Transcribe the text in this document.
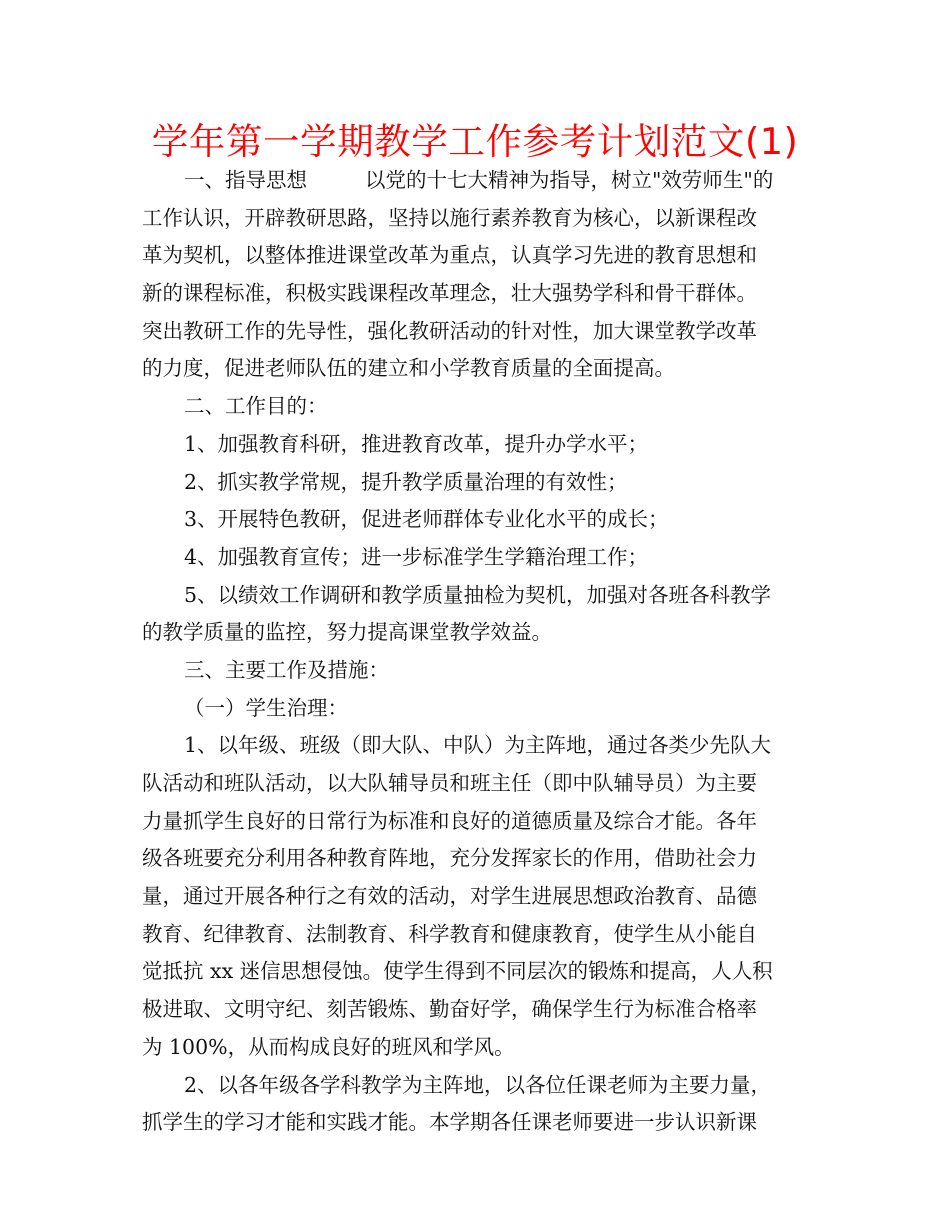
学年第一学期教学工作参考计划范文(1)
一、指导思想	以党的十七大精神为指导，树立"效劳师生"的
工作认识，开辟教研思路，坚持以施行素养教育为核心，以新课程改
革为契机，以整体推进课堂改革为重点，认真学习先进的教育思想和
新的课程标准，积极实践课程改革理念，壮大强势学科和骨干群体。
突出教研工作的先导性，强化教研活动的针对性，加大课堂教学改革
的力度，促进老师队伍的建立和小学教育质量的全面提高。
二、工作目的：
1、加强教育科研，推进教育改革，提升办学水平；
2、抓实教学常规，提升教学质量治理的有效性；
3、开展特色教研，促进老师群体专业化水平的成长；
4、加强教育宣传；进一步标准学生学籍治理工作；
5、以绩效工作调研和教学质量抽检为契机，加强对各班各科教学
的教学质量的监控，努力提高课堂教学效益。
三、主要工作及措施：
（一）学生治理：
1、以年级、班级（即大队、中队）为主阵地，通过各类少先队大
队活动和班队活动，以大队辅导员和班主任（即中队辅导员）为主要
力量抓学生良好的日常行为标准和良好的道德质量及综合才能。各年
级各班要充分利用各种教育阵地，充分发挥家长的作用，借助社会力
量，通过开展各种行之有效的活动，对学生进展思想政治教育、品德
教育、纪律教育、法制教育、科学教育和健康教育，使学生从小能自
觉抵抗 xx 迷信思想侵蚀。使学生得到不同层次的锻炼和提高，人人积
极进取、文明守纪、刻苦锻炼、勤奋好学，确保学生行为标准合格率
为 100%，从而构成良好的班风和学风。
2、以各年级各学科教学为主阵地，以各位任课老师为主要力量，
抓学生的学习才能和实践才能。本学期各任课老师要进一步认识新课
